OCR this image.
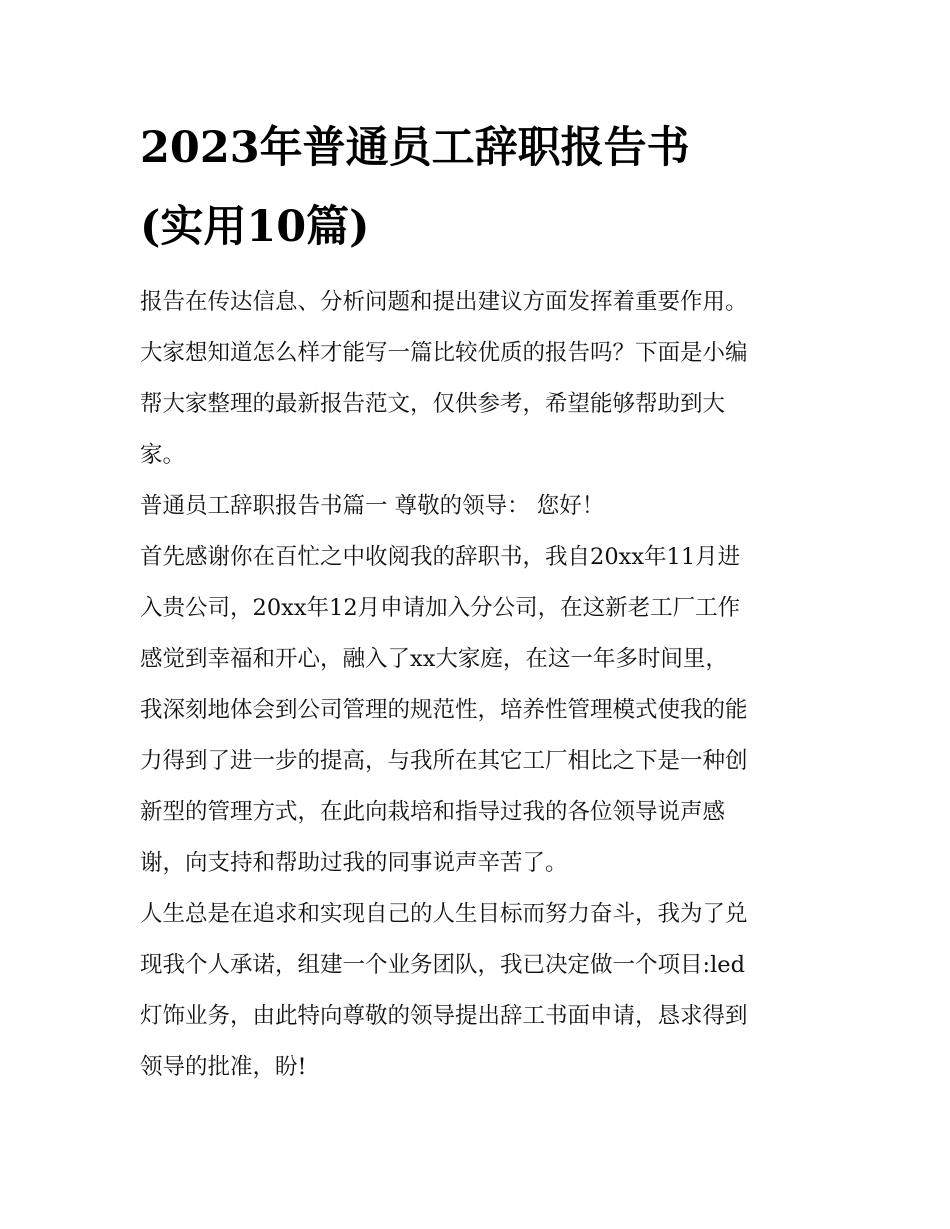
2023年普通员工辞职报告书
(实用10篇)
报告在传达信息、分析问题和提出建议方面发挥着重要作用。
大家想知道怎么样才能写一篇比较优质的报告吗？下面是小编
帮大家整理的最新报告范文，仅供参考，希望能够帮助到大
家。
普通员工辞职报告书篇一 尊敬的领导： 您好！
首先感谢你在百忙之中收阅我的辞职书，我自20xx年11月进
入贵公司，20xx年12月申请加入分公司，在这新老工厂工作
感觉到幸福和开心，融入了xx大家庭，在这一年多时间里，
我深刻地体会到公司管理的规范性，培养性管理模式使我的能
力得到了进一步的提高，与我所在其它工厂相比之下是一种创
新型的管理方式，在此向栽培和指导过我的各位领导说声感
谢，向支持和帮助过我的同事说声辛苦了。
人生总是在追求和实现自己的人生目标而努力奋斗，我为了兑
现我个人承诺，组建一个业务团队，我已决定做一个项目:led
灯饰业务，由此特向尊敬的领导提出辞工书面申请，恳求得到
领导的批准，盼!
